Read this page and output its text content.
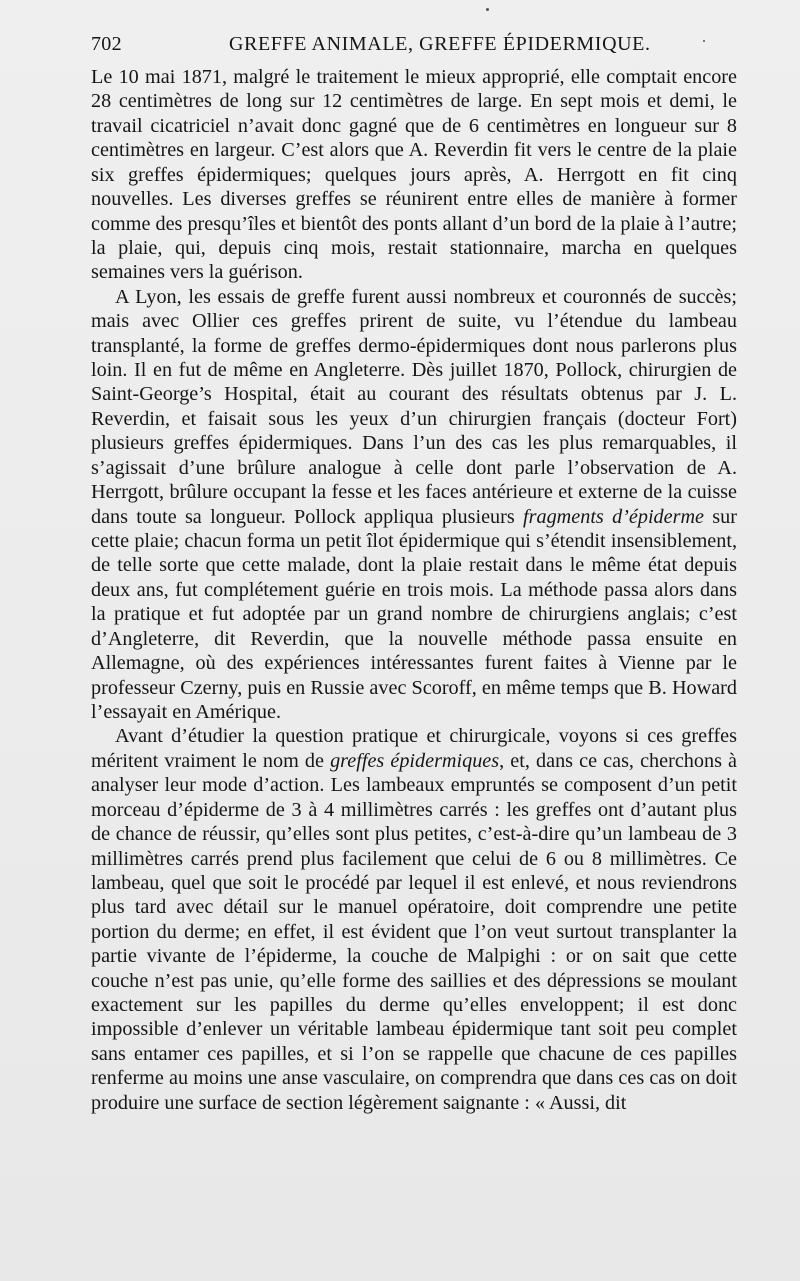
702	GREFFE ANIMALE, GREFFE ÉPIDERMIQUE.

Le 10 mai 1871, malgré le traitement le mieux approprié, elle comptait encore 28 centimètres de long sur 12 centimètres de large. En sept mois et demi, le travail cicatriciel n’avait donc gagné que de 6 centimètres en longueur sur 8 centimètres en largeur. C’est alors que A. Reverdin fit vers le centre de la plaie six greffes épidermiques; quelques jours après, A. Herrgott en fit cinq nouvelles. Les diverses greffes se réunirent entre elles de manière à former comme des presqu’îles et bientôt des ponts allant d’un bord de la plaie à l’autre; la plaie, qui, depuis cinq mois, restait stationnaire, marcha en quelques semaines vers la guérison.

A Lyon, les essais de greffe furent aussi nombreux et couronnés de succès; mais avec Ollier ces greffes prirent de suite, vu l’étendue du lambeau transplanté, la forme de greffes dermo-épidermiques dont nous parlerons plus loin. Il en fut de même en Angleterre. Dès juillet 1870, Pollock, chirurgien de Saint-George’s Hospital, était au courant des résultats obtenus par J. L. Reverdin, et faisait sous les yeux d’un chirurgien français (docteur Fort) plusieurs greffes épidermiques. Dans l’un des cas les plus remarquables, il s’agissait d’une brûlure analogue à celle dont parle l’observation de A. Herrgott, brûlure occupant la fesse et les faces antérieure et externe de la cuisse dans toute sa longueur. Pollock appliqua plusieurs fragments d’épiderme sur cette plaie; chacun forma un petit îlot épidermique qui s’étendit insensiblement, de telle sorte que cette malade, dont la plaie restait dans le même état depuis deux ans, fut complétement guérie en trois mois. La méthode passa alors dans la pratique et fut adoptée par un grand nombre de chirurgiens anglais; c’est d’Angleterre, dit Reverdin, que la nouvelle méthode passa ensuite en Allemagne, où des expériences intéressantes furent faites à Vienne par le professeur Czerny, puis en Russie avec Scoroff, en même temps que B. Howard l’essayait en Amérique.

Avant d’étudier la question pratique et chirurgicale, voyons si ces greffes méritent vraiment le nom de greffes épidermiques, et, dans ce cas, cherchons à analyser leur mode d’action. Les lambeaux empruntés se composent d’un petit morceau d’épiderme de 3 à 4 millimètres carrés : les greffes ont d’autant plus de chance de réussir, qu’elles sont plus petites, c’est-à-dire qu’un lambeau de 3 millimètres carrés prend plus facilement que celui de 6 ou 8 millimètres. Ce lambeau, quel que soit le procédé par lequel il est enlevé, et nous reviendrons plus tard avec détail sur le manuel opératoire, doit comprendre une petite portion du derme; en effet, il est évident que l’on veut surtout transplanter la partie vivante de l’épiderme, la couche de Malpighi : or on sait que cette couche n’est pas unie, qu’elle forme des saillies et des dépressions se moulant exactement sur les papilles du derme qu’elles enveloppent; il est donc impossible d’enlever un véritable lambeau épidermique tant soit peu complet sans entamer ces papilles, et si l’on se rappelle que chacune de ces papilles renferme au moins une anse vasculaire, on comprendra que dans ces cas on doit produire une surface de section légèrement saignante : « Aussi, dit
